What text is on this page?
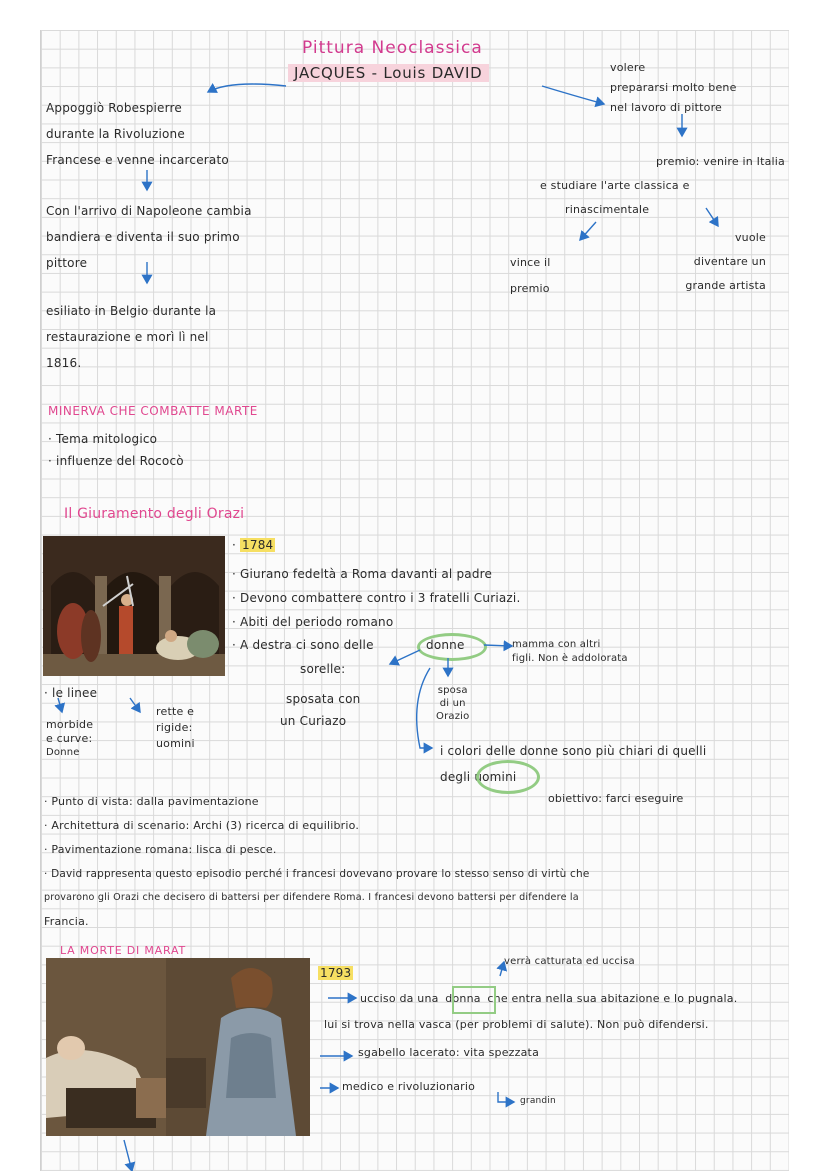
Pittura Neoclassica
JACQUES - Louis DAVID
Appoggiò Robespierre
durante la Rivoluzione
Francese e venne incarcerato
Con l'arrivo di Napoleone cambia
bandiera e diventa il suo primo
pittore
esiliato in Belgio durante la
restaurazione e morì lì nel
1816.
volere
prepararsi molto bene
nel lavoro di pittore
premio: venire in Italia
e studiare l'arte classica e
rinascimentale
vince il
premio
vuole
diventare un
grande artista
MINERVA CHE COMBATTE MARTE
· Tema mitologico
· influenze del Rococò
Il Giuramento degli Orazi
· 1784
· Giurano fedeltà a Roma davanti al padre
· Devono combattere contro i 3 fratelli Curiazi.
· Abiti del periodo romano
· A destra ci sono delle	donne	mamma con altri
figli. Non è addolorata
sorelle:
sposata con
un Curiazo
sposa
di un
Orazio
i colori delle donne sono più chiari di quelli
degli uomini
· le linee
morbide
e curve:
Donne
rette e
rigide:
uomini
obiettivo: farci eseguire
· Punto di vista: dalla pavimentazione
· Architettura di scenario: Archi (3) ricerca di equilibrio.
· Pavimentazione romana: lisca di pesce.
· David rappresenta questo episodio perché i francesi dovevano provare lo stesso senso di virtù che
provarono gli Orazi che decisero di battersi per difendere Roma. I francesi devono battersi per difendere la
Francia.
LA MORTE DI MARAT
1793
verrà catturata ed uccisa
ucciso da una donna che entra nella sua abitazione e lo pugnala.
lui si trova nella vasca (per problemi di salute). Non può difendersi.
sgabello lacerato: vita spezzata
medico e rivoluzionario
grandin
